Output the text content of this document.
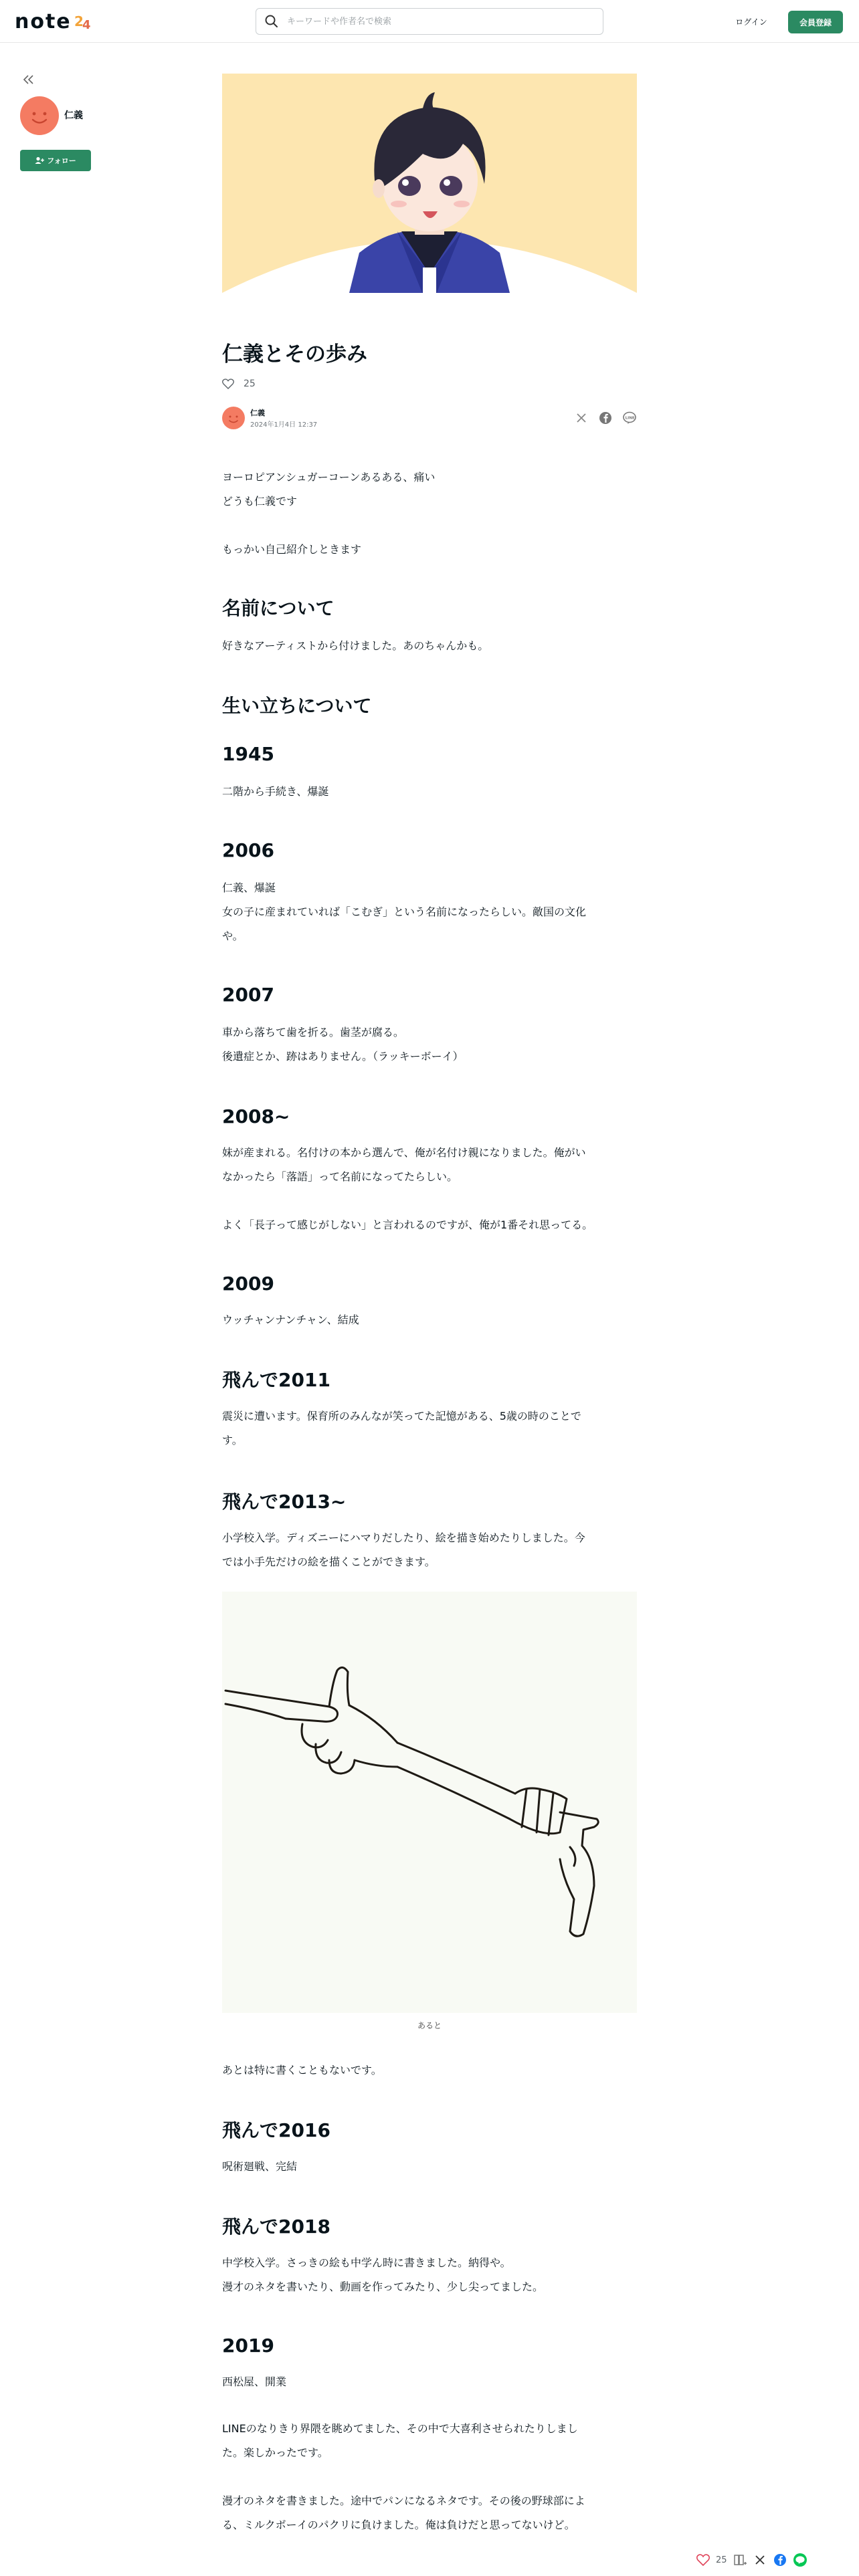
note 2
4
キーワードや作者名で検索	ログイン	会員登録
仁義
フォロー
仁義とその歩み
25
仁義
2024年1月4日 12:37
LINE

ヨーロピアンシュガーコーンあるある、痛い
どうも仁義です

もっかい自己紹介しときます

名前について

好きなアーティストから付けました。あのちゃんかも。

生い立ちについて
1945

二階から手続き、爆誕

2006

仁義、爆誕
女の子に産まれていれば「こむぎ」という名前になったらしい。敵国の文化
や。

2007

車から落ちて歯を折る。歯茎が腐る。
後遺症とか、跡はありません。（ラッキーボーイ）

2008~

妹が産まれる。名付けの本から選んで、俺が名付け親になりました。俺がい
なかったら「落語」って名前になってたらしい。

よく「長子って感じがしない」と言われるのですが、俺が1番それ思ってる。

2009

ウッチャンナンチャン、結成

飛んで2011

震災に遭います。保育所のみんなが笑ってた記憶がある、5歳の時のことで
す。

飛んで2013~

小学校入学。ディズニーにハマりだしたり、絵を描き始めたりしました。今
では小手先だけの絵を描くことができます。

あると

あとは特に書くこともないです。

飛んで2016

呪術廻戦、完結

飛んで2018

中学校入学。さっきの絵も中学ん時に書きました。納得や。
漫才のネタを書いたり、動画を作ってみたり、少し尖ってました。

2019

西松屋、開業

LINEのなりきり界隈を眺めてました、その中で大喜利させられたりしまし
た。楽しかったです。

漫才のネタを書きました。途中でパンになるネタです。その後の野球部によ
る、ミルクボーイのパクリに負けました。俺は負けだと思ってないけど。

25
